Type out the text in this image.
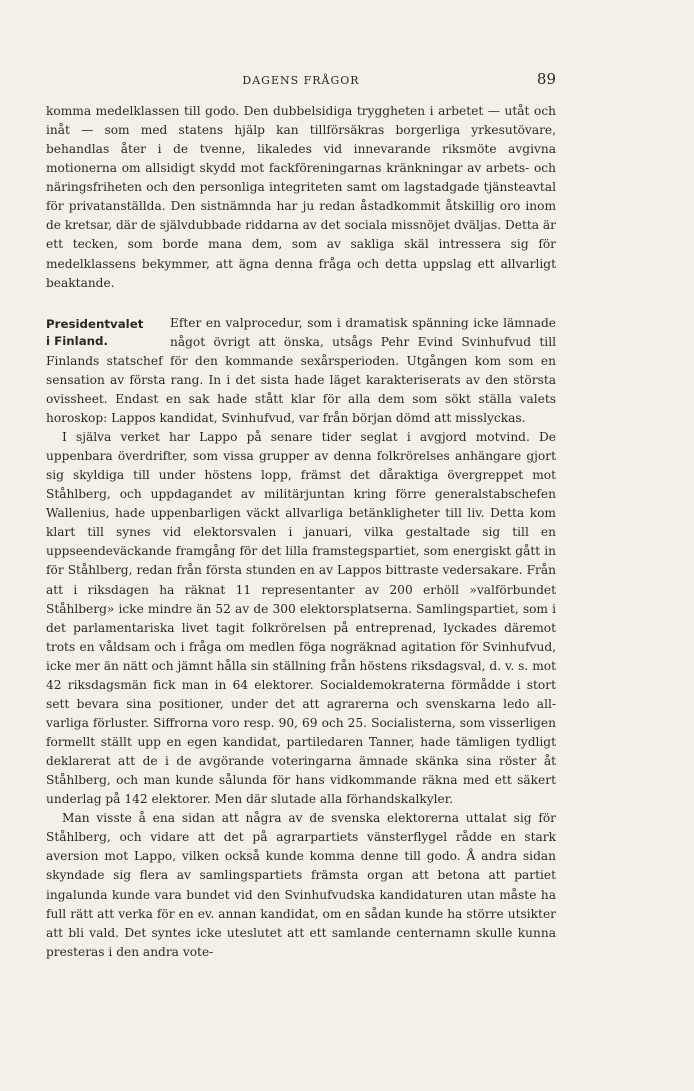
DAGENS FRÅGOR	89

komma medelklassen till godo. Den dubbelsidiga tryggheten i arbetet — utåt och inåt — som med statens hjälp kan tillförsäkras borgerliga yrkesutövare, behandlas åter i de tvenne, likaledes vid innevarande riksmöte avgivna motionerna om allsidigt skydd mot fackföreningarnas kränkningar av arbets- och näringsfriheten och den personliga integriteten samt om lagstadgade tjänsteavtal för privatanställda. Den sistnämnda har ju redan åstadkommit åtskillig oro inom de kretsar, där de självdubbade riddarna av det sociala missnöjet dväljas. Detta är ett tecken, som borde mana dem, som av sakliga skäl intressera sig för medelklassens bekymmer, att ägna denna fråga och detta uppslag ett allvarligt beaktande.

Presidentvalet
i Finland.

Efter en valprocedur, som i dramatisk spänning icke lämnade något övrigt att önska, utsågs Pehr Evind Svinhufvud till Finlands statschef för den kommande sexårsperioden. Utgången kom som en sensation av första rang. In i det sista hade läget karakteriserats av den största ovissheet. Endast en sak hade stått klar för alla dem som sökt ställa valets horoskop: Lappos kandidat, Svinhufvud, var från början dömd att misslyckas.

I själva verket har Lappo på senare tider seglat i avgjord motvind. De uppenbara överdrifter, som vissa grupper av denna folkrörelses anhängare gjort sig skyldiga till under höstens lopp, främst det dåraktiga övergreppet mot Ståhlberg, och uppdagandet av militärjuntan kring förre generalstabschefen Wallenius, hade uppenbarligen väckt allvarliga betänkligheter till liv. Detta kom klart till synes vid elektorsvalen i januari, vilka gestaltade sig till en uppseendeväckande framgång för det lilla framstegspartiet, som energiskt gått in för Ståhlberg, redan från första stunden en av Lappos bittraste vedersakare. Från att i riksdagen ha räknat 11 representanter av 200 erhöll »valförbundet Ståhlberg» icke mindre än 52 av de 300 elektorsplatserna. Samlingspartiet, som i det parlamentariska livet tagit folkrörelsen på entreprenad, lyckades däremot trots en våldsam och i fråga om medlen föga nogräknad agitation för Svinhufvud, icke mer än nätt och jämnt hålla sin ställning från höstens riksdagsval, d. v. s. mot 42 riksdagsmän fick man in 64 elektorer. Socialdemokraterna förmådde i stort sett bevara sina positioner, under det att agrarerna och svenskarna ledo allvarliga förluster. Siffrorna voro resp. 90, 69 och 25. Socialisterna, som visserligen formellt ställt upp en egen kandidat, partiledaren Tanner, hade tämligen tydligt deklarerat att de i de avgörande voteringarna ämnade skänka sina röster åt Ståhlberg, och man kunde sålunda för hans vidkommande räkna med ett säkert underlag på 142 elektorer. Men där slutade alla förhandskalkyler.

Man visste å ena sidan att några av de svenska elektorerna uttalat sig för Ståhlberg, och vidare att det på agrarpartiets vänsterflygel rådde en stark aversion mot Lappo, vilken också kunde komma denne till godo. Å andra sidan skyndade sig flera av samlingspartiets främsta organ att betona att partiet ingalunda kunde vara bundet vid den Svinhufvudska kandidaturen utan måste ha full rätt att verka för en ev. annan kandidat, om en sådan kunde ha större utsikter att bli vald. Det syntes icke uteslutet att ett samlande centernamn skulle kunna presteras i den andra vote-
